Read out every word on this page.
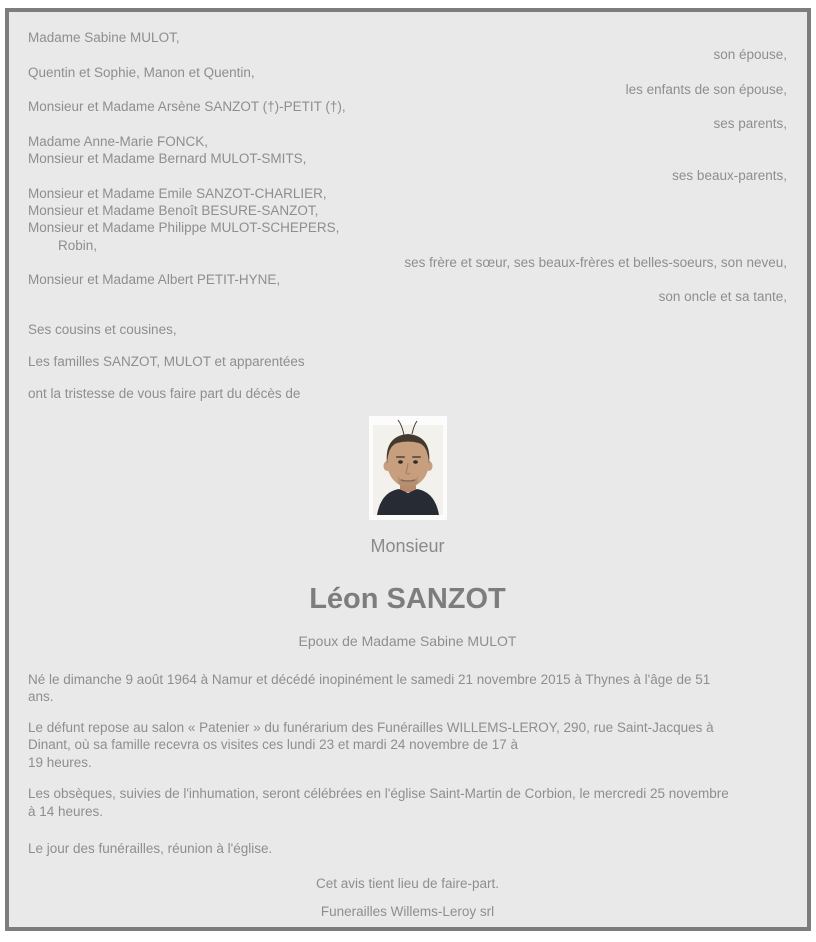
Madame Sabine MULOT,
son épouse,
Quentin et Sophie, Manon et Quentin,
les enfants de son épouse,
Monsieur et Madame Arsène SANZOT (†)-PETIT (†),
ses parents,
Madame Anne-Marie FONCK,
Monsieur et Madame Bernard MULOT-SMITS,
ses beaux-parents,
Monsieur et Madame Emile SANZOT-CHARLIER,
Monsieur et Madame Benoît BESURE-SANZOT,
Monsieur et Madame Philippe MULOT-SCHEPERS,
Robin,
ses frère et sœur, ses beaux-frères et belles-soeurs, son neveu,
Monsieur et Madame Albert PETIT-HYNE,
son oncle et sa tante,
Ses cousins et cousines,
Les familles SANZOT, MULOT et apparentées
ont la tristesse de vous faire part du décès de
Monsieur
Léon SANZOT
Epoux de Madame Sabine MULOT
Né le dimanche 9 août 1964 à Namur et décédé inopinément le samedi 21 novembre 2015 à Thynes à l'âge de 51
ans.
Le défunt repose au salon « Patenier » du funérarium des Funérailles WILLEMS-LEROY, 290, rue Saint-Jacques à
Dinant, où sa famille recevra os visites ces lundi 23 et mardi 24 novembre de 17 à
19 heures.
Les obsèques, suivies de l'inhumation, seront célébrées en l'église Saint-Martin de Corbion, le mercredi 25 novembre
à 14 heures.
Le jour des funérailles, réunion à l'église.
Cet avis tient lieu de faire-part.
Funerailles Willems-Leroy srl
